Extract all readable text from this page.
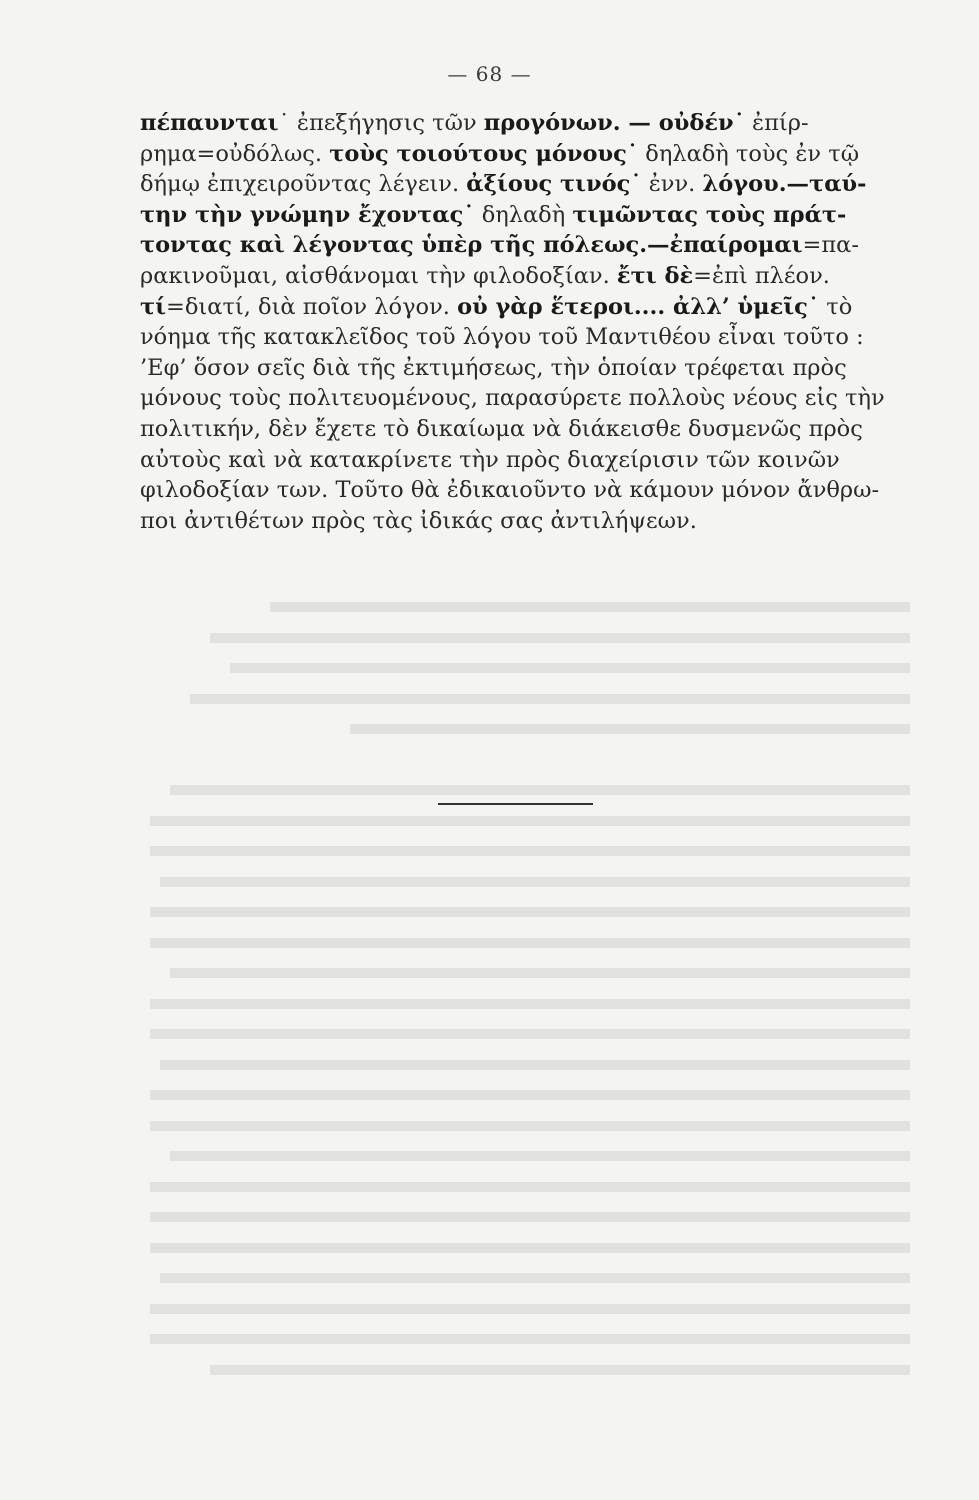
— 68 —
πέπαυνται˙ ἐπεξήγησις τῶν προγόνων. — οὐδέν˙ ἐπίρ-
ρημα=οὐδόλως. τοὺς τοιούτους μόνους˙ δηλαδὴ τοὺς ἐν τῷ
δήμῳ ἐπιχειροῦντας λέγειν. ἀξίους τινός˙ ἐνν. λόγου.—ταύ-
την τὴν γνώμην ἔχοντας˙ δηλαδὴ τιμῶντας τοὺς πράτ-
τοντας καὶ λέγοντας ὑπὲρ τῆς πόλεως.—ἐπαίρομαι=πα-
ρακινοῦμαι, αἰσθάνομαι τὴν φιλοδοξίαν. ἔτι δὲ=ἐπὶ πλέον.
τί=διατί, διὰ ποῖον λόγον. οὐ γὰρ ἕτεροι.... ἀλλ’ ὑμεῖς˙ τὸ
νόημα τῆς κατακλεῖδος τοῦ λόγου τοῦ Μαντιθέου εἶναι τοῦτο :
’Εφ’ ὅσον σεῖς διὰ τῆς ἐκτιμήσεως, τὴν ὁποίαν τρέφεται πρὸς
μόνους τοὺς πολιτευομένους, παρασύρετε πολλοὺς νέους εἰς τὴν
πολιτικήν, δὲν ἔχετε τὸ δικαίωμα νὰ διάκεισθε δυσμενῶς πρὸς
αὐτοὺς καὶ νὰ κατακρίνετε τὴν πρὸς διαχείρισιν τῶν κοινῶν
φιλοδοξίαν των. Τοῦτο θὰ ἐδικαιοῦντο νὰ κάμουν μόνον ἄνθρω-
ποι ἀντιθέτων πρὸς τὰς ἰδικάς σας ἀντιλήψεων.
